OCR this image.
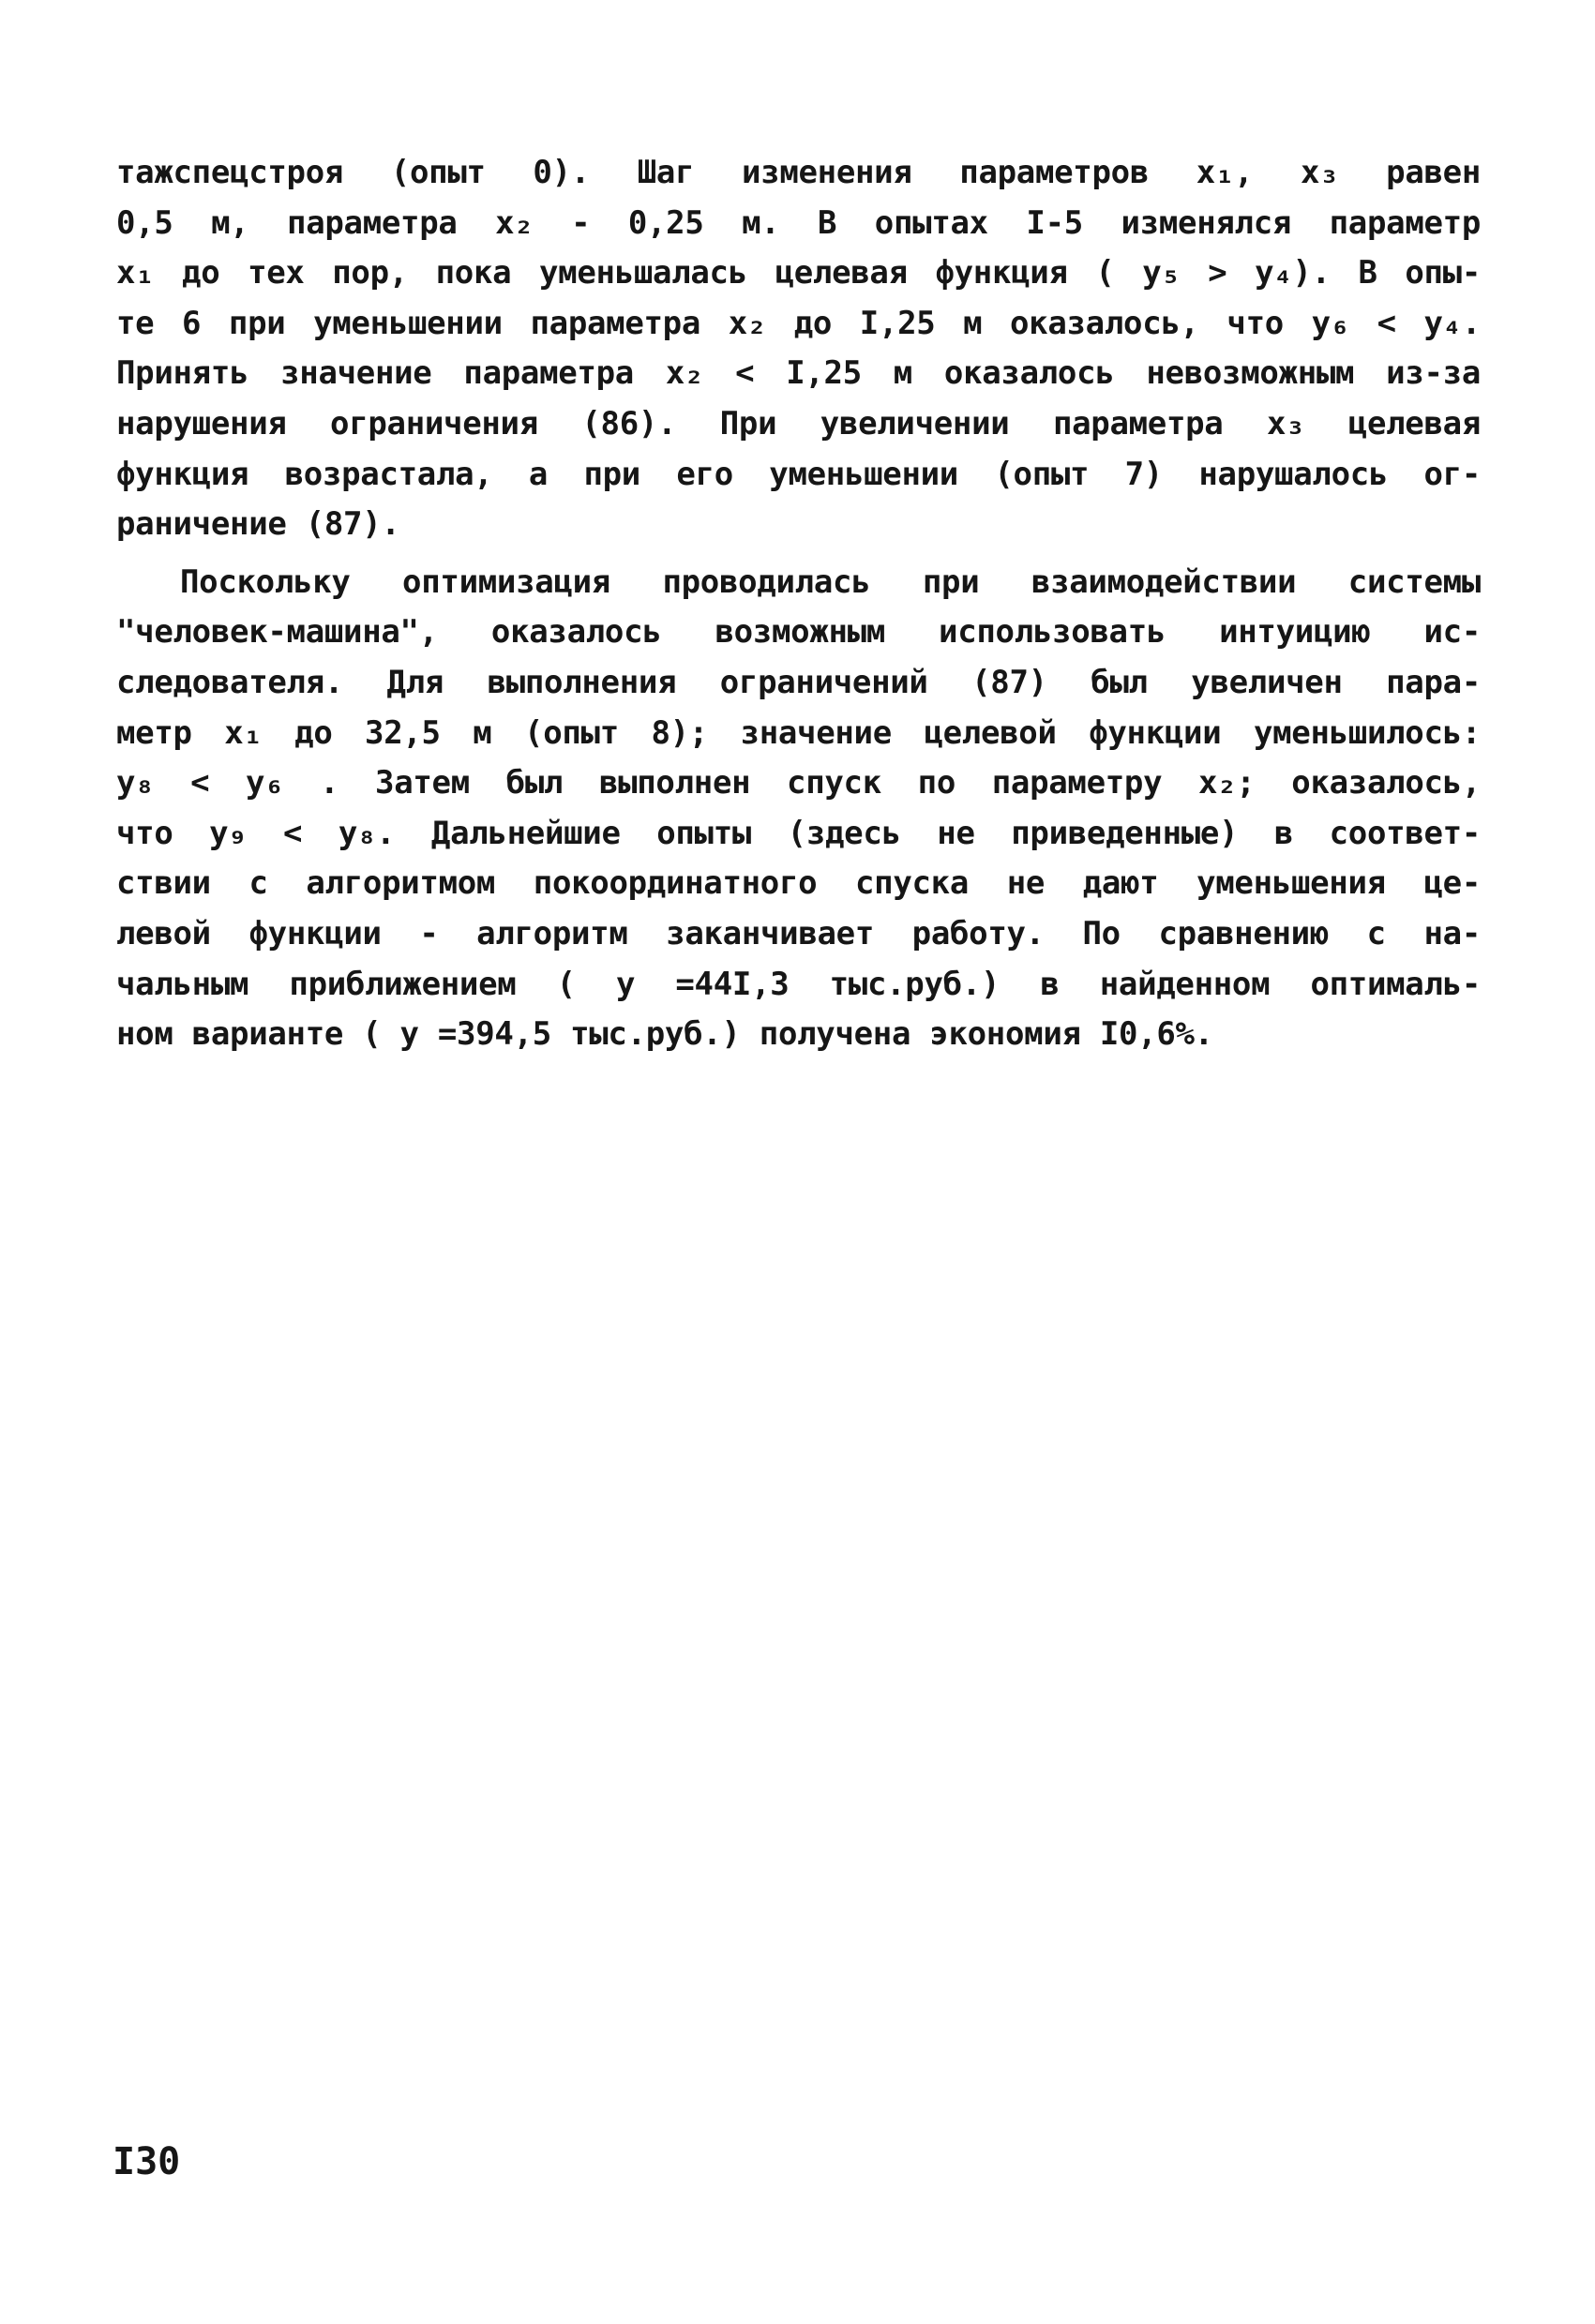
тажспецстроя (опыт 0). Шаг изменения параметров x₁, x₃ равен
0,5 м, параметра x₂ - 0,25 м. В опытах I-5 изменялся параметр
x₁ до тех пор, пока уменьшалась целевая функция ( y₅ > y₄). В опы-
те 6 при уменьшении параметра x₂ до I,25 м оказалось, что y₆ < y₄.
Принять значение параметра x₂ < I,25 м оказалось невозможным из-за
нарушения ограничения (86). При увеличении параметра x₃ целевая
функция возрастала, а при его уменьшении (опыт 7) нарушалось ог-
раничение (87).
Поскольку оптимизация проводилась при взаимодействии системы
"человек-машина", оказалось возможным использовать интуицию ис-
следователя. Для выполнения ограничений (87) был увеличен пара-
метр x₁ до 32,5 м (опыт 8); значение целевой функции уменьшилось:
y₈ < y₆ . Затем был выполнен спуск по параметру x₂; оказалось,
что y₉ < y₈. Дальнейшие опыты (здесь не приведенные) в соответ-
ствии с алгоритмом покоординатного спуска не дают уменьшения це-
левой функции - алгоритм заканчивает работу. По сравнению с на-
чальным приближением ( y =44I,3 тыс.руб.) в найденном оптималь-
ном варианте ( y =394,5 тыс.руб.) получена экономия I0,6%.
I30
